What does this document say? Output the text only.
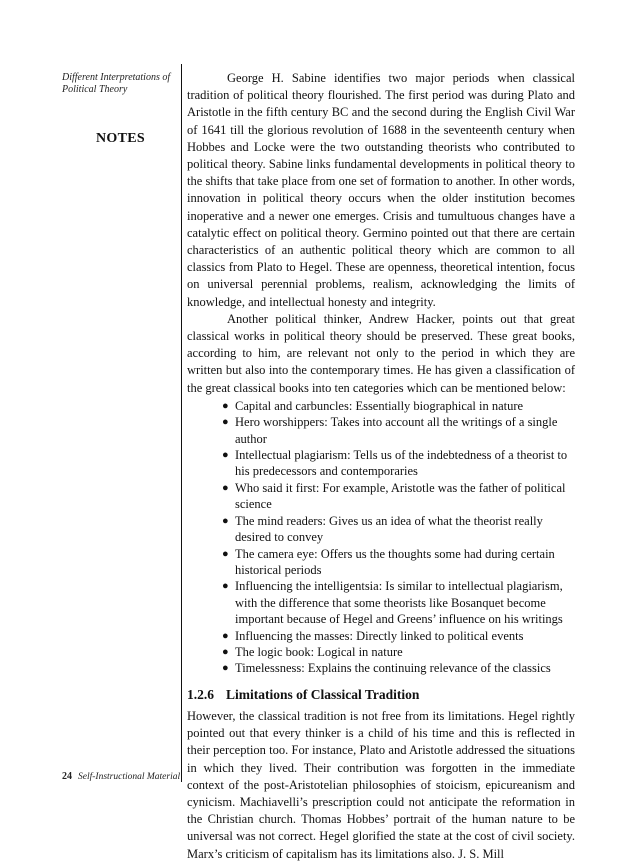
Different Interpretations of Political Theory
NOTES

George H. Sabine identifies two major periods when classical tradition of political theory flourished. The first period was during Plato and Aristotle in the fifth century BC and the second during the English Civil War of 1641 till the glorious revolution of 1688 in the seventeenth century when Hobbes and Locke were the two outstanding theorists who contributed to political theory. Sabine links fundamental developments in political theory to the shifts that take place from one set of formation to another. In other words, innovation in political theory occurs when the older institution becomes inoperative and a newer one emerges. Crisis and tumultuous changes have a catalytic effect on political theory. Germino pointed out that there are certain characteristics of an authentic political theory which are common to all classics from Plato to Hegel. These are openness, theoretical intention, focus on universal perennial problems, realism, acknowledging the limits of knowledge, and intellectual honesty and integrity.

Another political thinker, Andrew Hacker, points out that great classical works in political theory should be preserved. These great books, according to him, are relevant not only to the period in which they are written but also into the contemporary times. He has given a classification of the great classical books into ten categories which can be mentioned below:

● Capital and carbuncles: Essentially biographical in nature
● Hero worshippers: Takes into account all the writings of a single author
● Intellectual plagiarism: Tells us of the indebtedness of a theorist to his predecessors and contemporaries
● Who said it first: For example, Aristotle was the father of political science
● The mind readers: Gives us an idea of what the theorist really desired to convey
● The camera eye: Offers us the thoughts some had during certain historical periods
● Influencing the intelligentsia: Is similar to intellectual plagiarism, with the difference that some theorists like Bosanquet become important because of Hegel and Greens’ influence on his writings
● Influencing the masses: Directly linked to political events
● The logic book: Logical in nature
● Timelessness: Explains the continuing relevance of the classics
1.2.6 Limitations of Classical Tradition

However, the classical tradition is not free from its limitations. Hegel rightly pointed out that every thinker is a child of his time and this is reflected in their perception too. For instance, Plato and Aristotle addressed the situations in which they lived. Their contribution was forgotten in the immediate context of the post-Aristotelian philosophies of stoicism, epicureanism and cynicism. Machiavelli’s prescription could not anticipate the reformation in the Christian church. Thomas Hobbes’ portrait of the human nature to be universal was not correct. Hegel glorified the state at the cost of civil society. Marx’s criticism of capitalism has its limitations also. J. S. Mill

24 Self-Instructional Material
